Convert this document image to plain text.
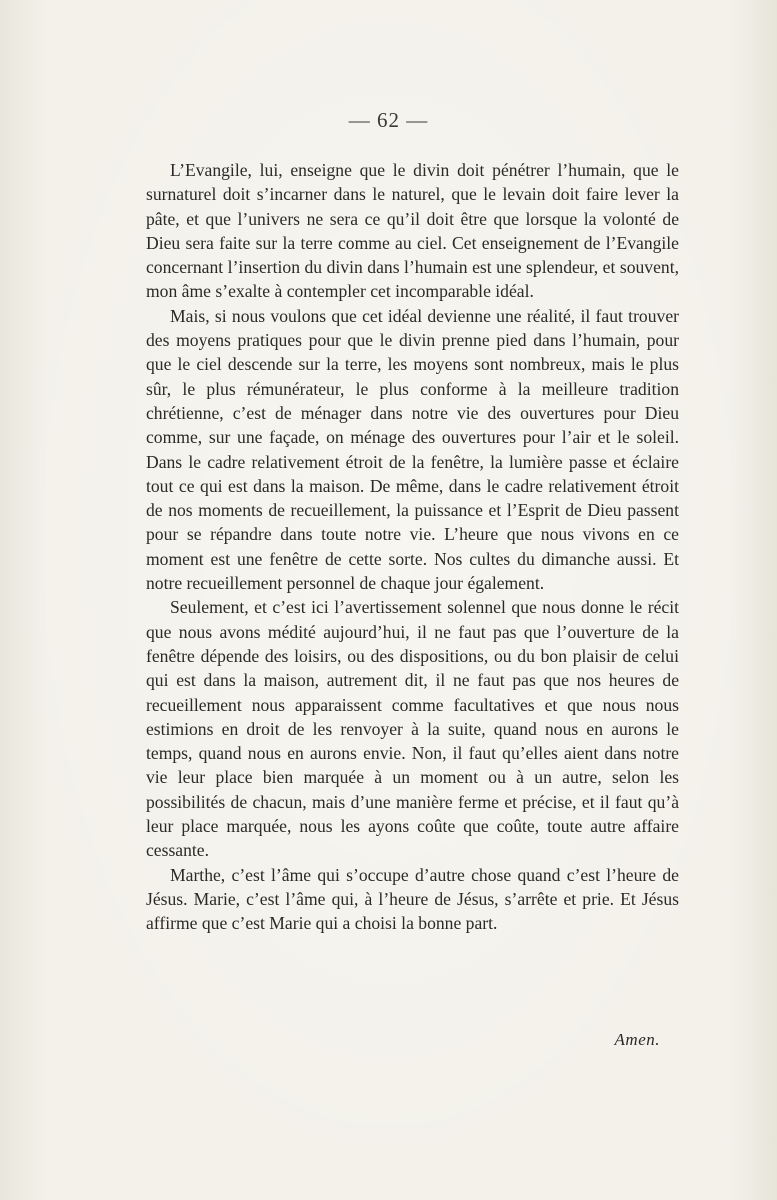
— 62 —

L’Evangile, lui, enseigne que le divin doit pénétrer l’humain, que le surnaturel doit s’incarner dans le naturel, que le levain doit faire lever la pâte, et que l’univers ne sera ce qu’il doit être que lorsque la volonté de Dieu sera faite sur la terre comme au ciel. Cet enseignement de l’Evangile concernant l’insertion du divin dans l’humain est une splendeur, et souvent, mon âme s’exalte à contempler cet incomparable idéal.

Mais, si nous voulons que cet idéal devienne une réalité, il faut trouver des moyens pratiques pour que le divin prenne pied dans l’humain, pour que le ciel descende sur la terre, les moyens sont nombreux, mais le plus sûr, le plus rémunérateur, le plus conforme à la meilleure tradition chrétienne, c’est de ménager dans notre vie des ouvertures pour Dieu comme, sur une façade, on ménage des ouvertures pour l’air et le soleil. Dans le cadre relativement étroit de la fenêtre, la lumière passe et éclaire tout ce qui est dans la maison. De même, dans le cadre relativement étroit de nos moments de recueillement, la puissance et l’Esprit de Dieu passent pour se répandre dans toute notre vie. L’heure que nous vivons en ce moment est une fenêtre de cette sorte. Nos cultes du dimanche aussi. Et notre recueillement personnel de chaque jour également.

Seulement, et c’est ici l’avertissement solennel que nous donne le récit que nous avons médité aujourd’hui, il ne faut pas que l’ouverture de la fenêtre dépende des loisirs, ou des dispositions, ou du bon plaisir de celui qui est dans la maison, autrement dit, il ne faut pas que nos heures de recueillement nous apparaissent comme facultatives et que nous nous estimions en droit de les renvoyer à la suite, quand nous en aurons le temps, quand nous en aurons envie. Non, il faut qu’elles aient dans notre vie leur place bien marquée à un moment ou à un autre, selon les possibilités de chacun, mais d’une manière ferme et précise, et il faut qu’à leur place marquée, nous les ayons coûte que coûte, toute autre affaire cessante.

Marthe, c’est l’âme qui s’occupe d’autre chose quand c’est l’heure de Jésus. Marie, c’est l’âme qui, à l’heure de Jésus, s’arrête et prie. Et Jésus affirme que c’est Marie qui a choisi la bonne part.

Amen.
